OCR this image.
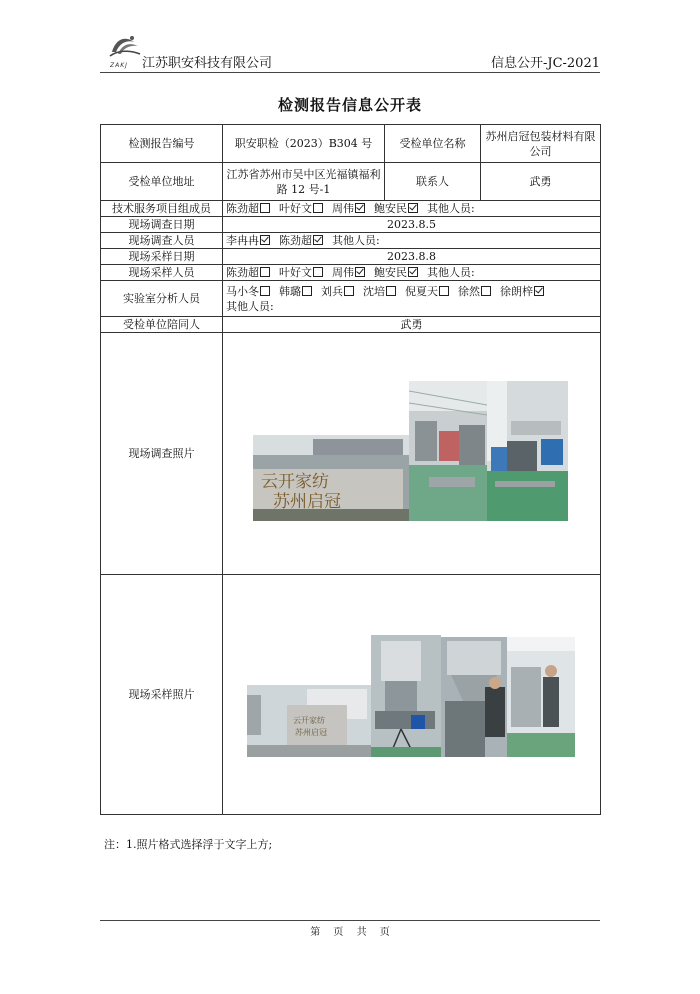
ZAKJ 江苏职安科技有限公司	信息公开-JC-2021
检测报告信息公开表
检测报告编号	职安职检（2023）B304 号	受检单位名称	苏州启冠包装材料有限公司
受检单位地址	江苏省苏州市吴中区光福镇福利路 12 号-1	联系人	武勇
技术服务项目组成员	陈劲超 叶好文 周伟 鲍安民 其他人员:		
现场调查日期	2023.8.5		
现场调查人员	李冉冉 陈劲超 其他人员:		
现场采样日期	2023.8.8		
现场采样人员	陈劲超 叶好文 周伟 鲍安民 其他人员:		
实验室分析人员	马小冬 韩璐 刘兵 沈培 倪夏天 徐然 徐朗梓
其他人员:		
受检单位陪同人	武勇		
现场调查照片	云开家纺
苏州启冠		

现场采样照片	云开家纺
苏州启冠		
注：1.照片格式选择浮于文字上方;
第 页 共 页
